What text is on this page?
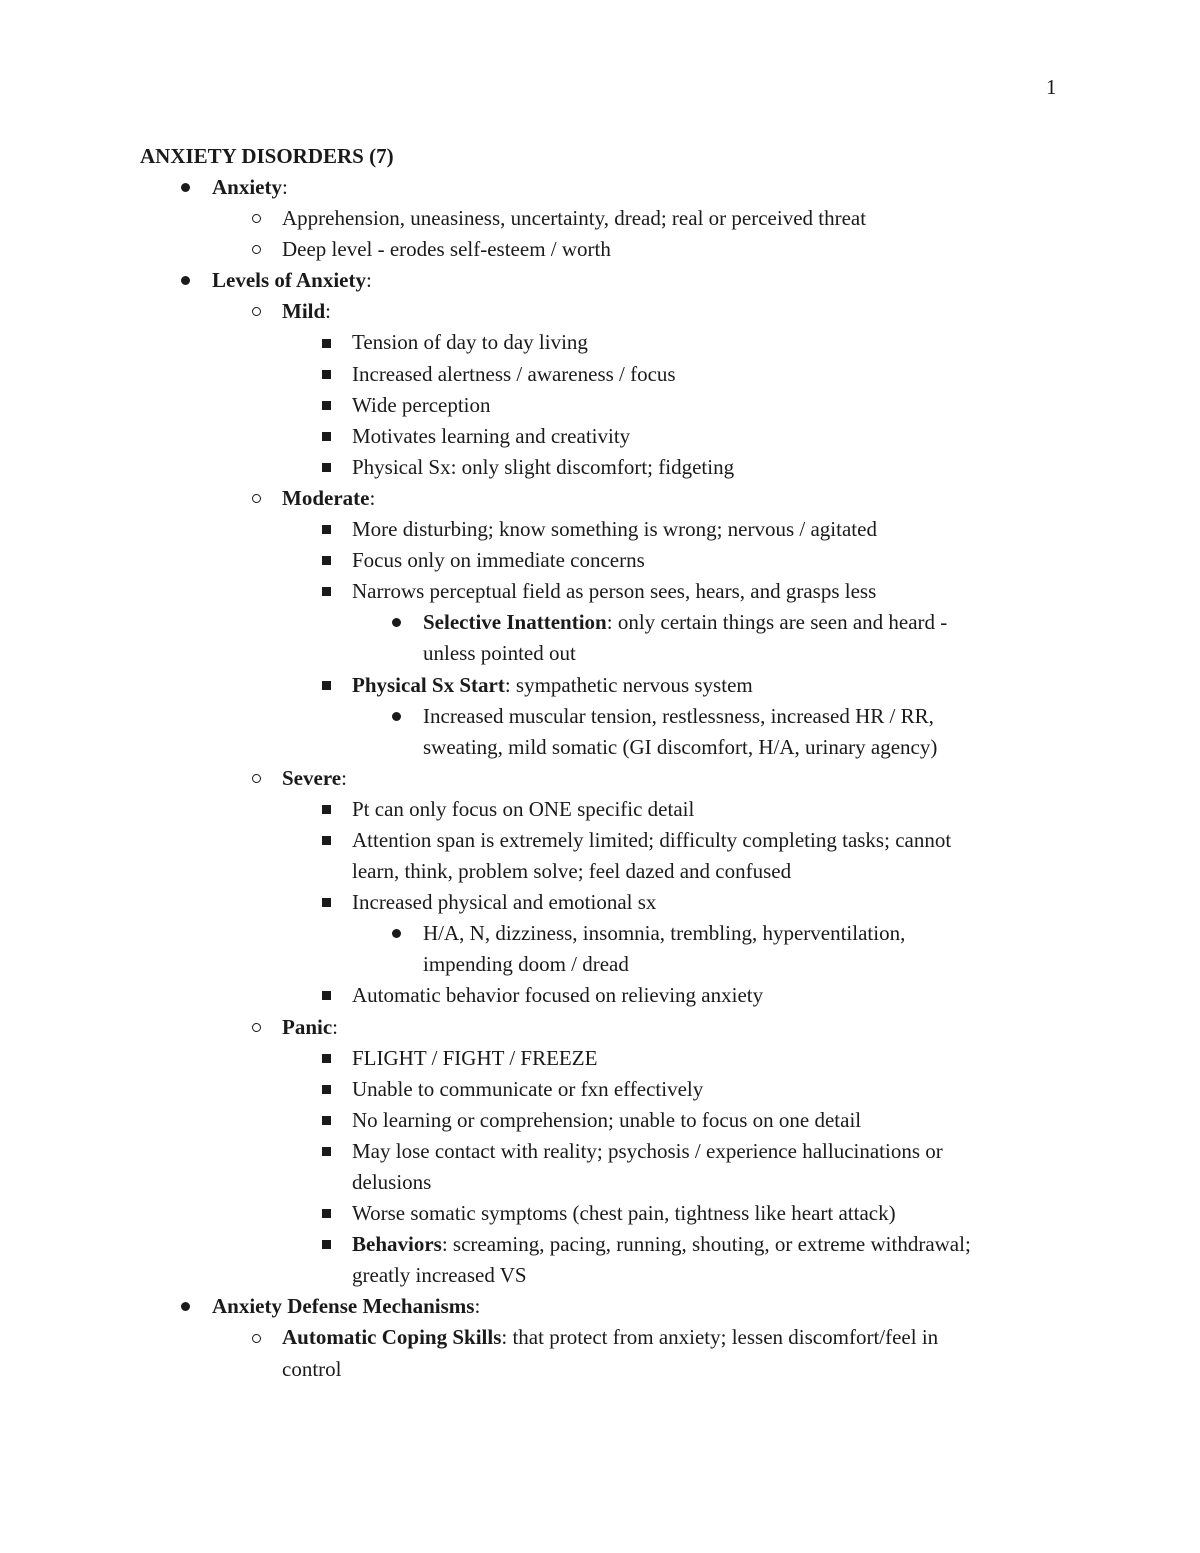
1
ANXIETY DISORDERS (7)
Anxiety:
Apprehension, uneasiness, uncertainty, dread; real or perceived threat
Deep level - erodes self-esteem / worth
Levels of Anxiety:
Mild:
Tension of day to day living
Increased alertness / awareness / focus
Wide perception
Motivates learning and creativity
Physical Sx: only slight discomfort; fidgeting
Moderate:
More disturbing; know something is wrong; nervous / agitated
Focus only on immediate concerns
Narrows perceptual field as person sees, hears, and grasps less
Selective Inattention: only certain things are seen and heard -
unless pointed out
Physical Sx Start: sympathetic nervous system
Increased muscular tension, restlessness, increased HR / RR,
sweating, mild somatic (GI discomfort, H/A, urinary agency)
Severe:
Pt can only focus on ONE specific detail
Attention span is extremely limited; difficulty completing tasks; cannot
learn, think, problem solve; feel dazed and confused
Increased physical and emotional sx
H/A, N, dizziness, insomnia, trembling, hyperventilation,
impending doom / dread
Automatic behavior focused on relieving anxiety
Panic:
FLIGHT / FIGHT / FREEZE
Unable to communicate or fxn effectively
No learning or comprehension; unable to focus on one detail
May lose contact with reality; psychosis / experience hallucinations or
delusions
Worse somatic symptoms (chest pain, tightness like heart attack)
Behaviors: screaming, pacing, running, shouting, or extreme withdrawal;
greatly increased VS
Anxiety Defense Mechanisms:
Automatic Coping Skills: that protect from anxiety; lessen discomfort/feel in
control
